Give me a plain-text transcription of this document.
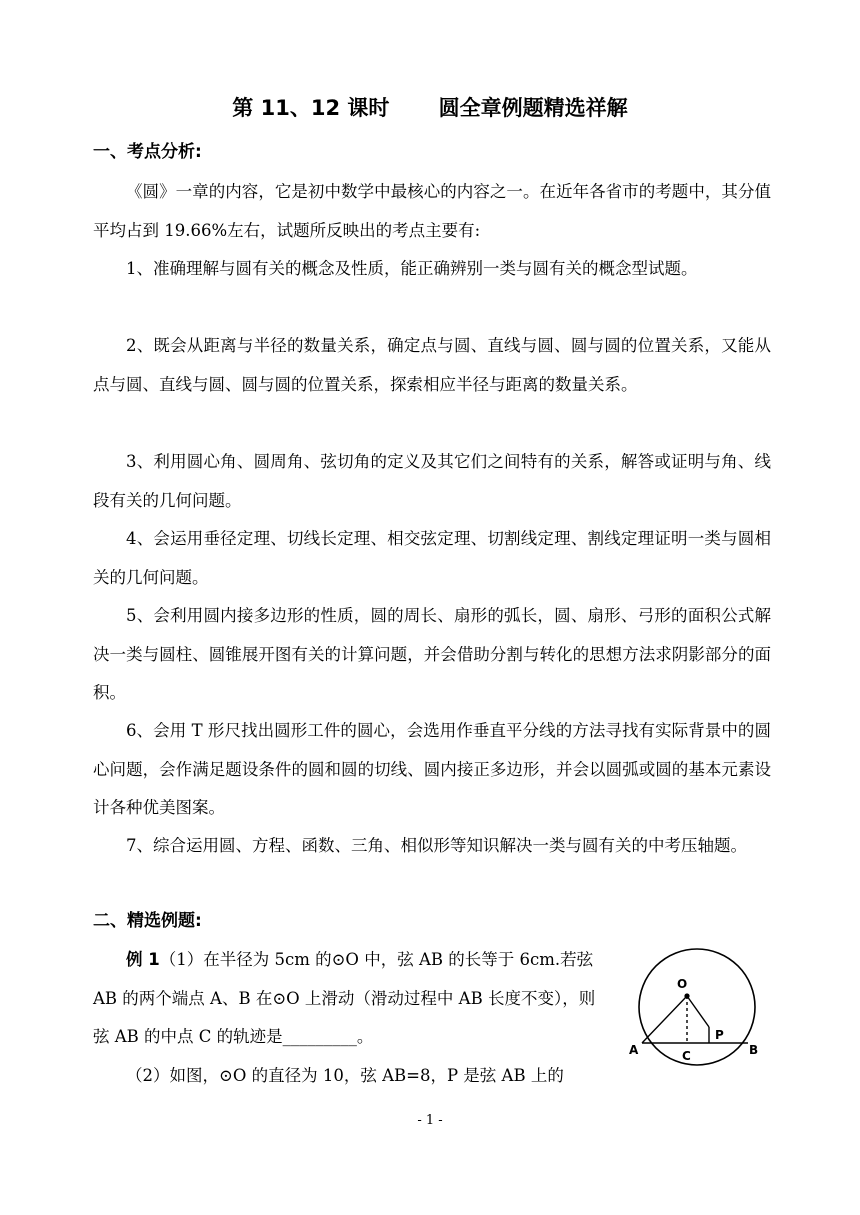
第 11、12 课时　　 圆全章例题精选祥解
一、考点分析:

《圆》一章的内容，它是初中数学中最核心的内容之一。在近年各省市的考题中，其分值平均占到 19.66%左右，试题所反映出的考点主要有:

1、准确理解与圆有关的概念及性质，能正确辨别一类与圆有关的概念型试题。

2、既会从距离与半径的数量关系，确定点与圆、直线与圆、圆与圆的位置关系，又能从点与圆、直线与圆、圆与圆的位置关系，探索相应半径与距离的数量关系。

3、利用圆心角、圆周角、弦切角的定义及其它们之间特有的关系，解答或证明与角、线段有关的几何问题。

4、会运用垂径定理、切线长定理、相交弦定理、切割线定理、割线定理证明一类与圆相关的几何问题。

5、会利用圆内接多边形的性质，圆的周长、扇形的弧长，圆、扇形、弓形的面积公式解决一类与圆柱、圆锥展开图有关的计算问题，并会借助分割与转化的思想方法求阴影部分的面积。

6、会用 T 形尺找出圆形工件的圆心，会选用作垂直平分线的方法寻找有实际背景中的圆心问题，会作满足题设条件的圆和圆的切线、圆内接正多边形，并会以圆弧或圆的基本元素设计各种优美图案。

7、综合运用圆、方程、函数、三角、相似形等知识解决一类与圆有关的中考压轴题。

二、精选例题:

例 1（1）在半径为 5cm 的⊙O 中，弦 AB 的长等于 6cm.若弦 AB 的两个端点 A、B 在⊙O 上滑动（滑动过程中 AB 长度不变），则弦 AB 的中点 C 的轨迹是_________。

（2）如图，⊙O 的直径为 10，弦 AB=8，P 是弦 AB 上的

O
A	B
C
P
- 1 -
